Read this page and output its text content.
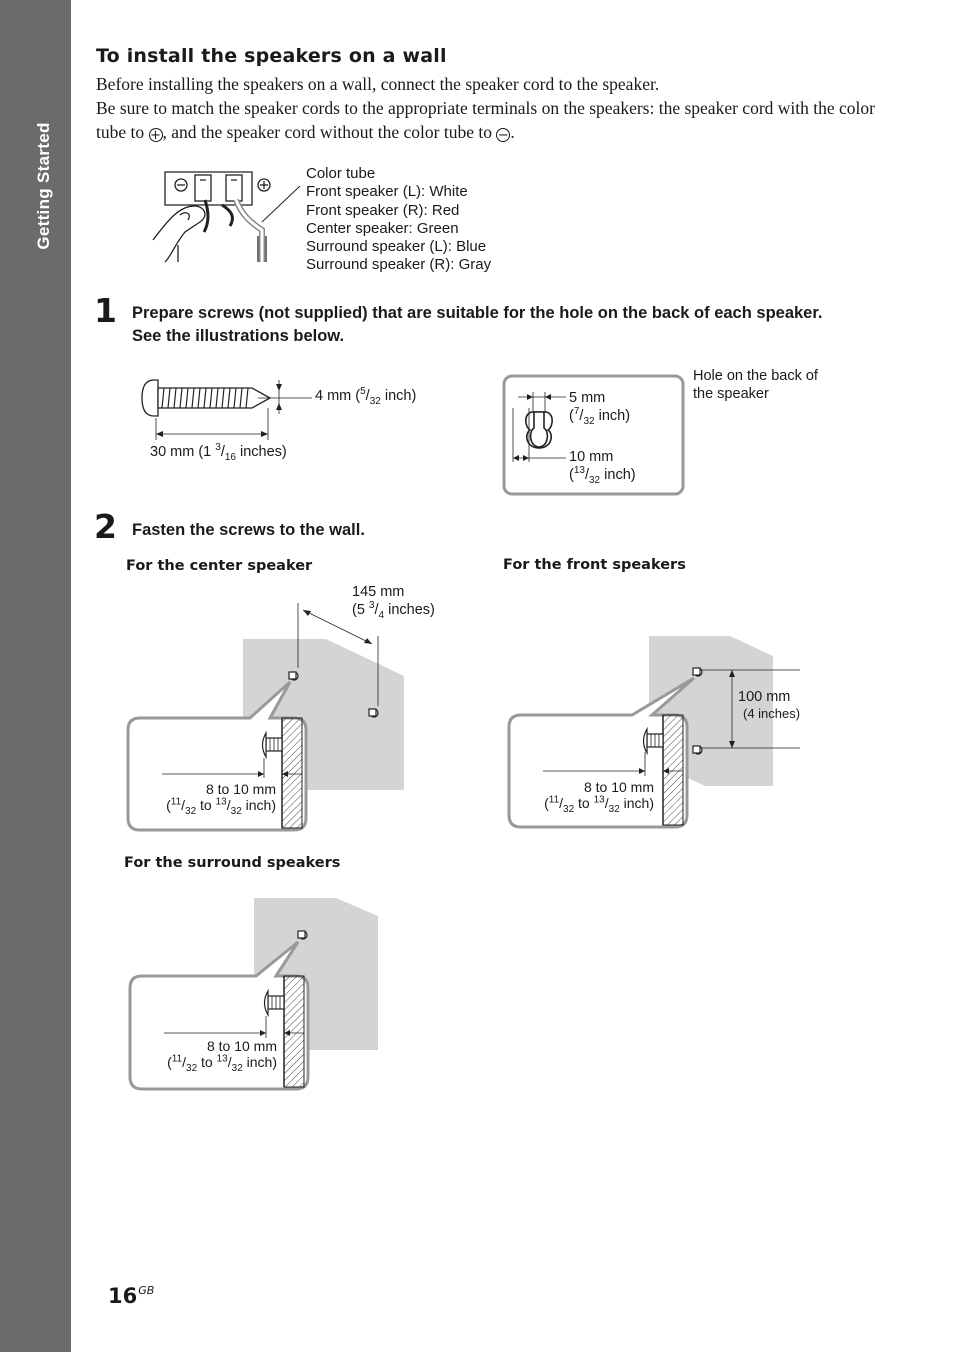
Getting Started
To install the speakers on a wall

Before installing the speakers on a wall, connect the speaker cord to the speaker.

Be sure to match the speaker cords to the appropriate terminals on the speakers: the speaker cord with the color tube to +, and the speaker cord without the color tube to −.

Color tube
Front speaker (L): White
Front speaker (R): Red
Center speaker: Green
Surround speaker (L): Blue
Surround speaker (R): Gray
1 Prepare screws (not supplied) that are suitable for the hole on the back of each speaker.
See the illustrations below.
4 mm ($^5/_{32}$ inch)
30 mm (1 $^3/_{16}$ inches)
5 mm
($^7/_{32}$ inch)
10 mm
($^{13}/_{32}$ inch)
Hole on the back of
the speaker
2 Fasten the screws to the wall.
For the center speaker	For the front speakers
For the surround speakers
145 mm
(5 $^3/_4$ inches)
100 mm
(4 inches)
8 to 10 mm
($^{11}/_{32}$ to $^{13}/_{32}$ inch)
8 to 10 mm
($^{11}/_{32}$ to $^{13}/_{32}$ inch)
8 to 10 mm
($^{11}/_{32}$ to $^{13}/_{32}$ inch)
$16^{GB}$
